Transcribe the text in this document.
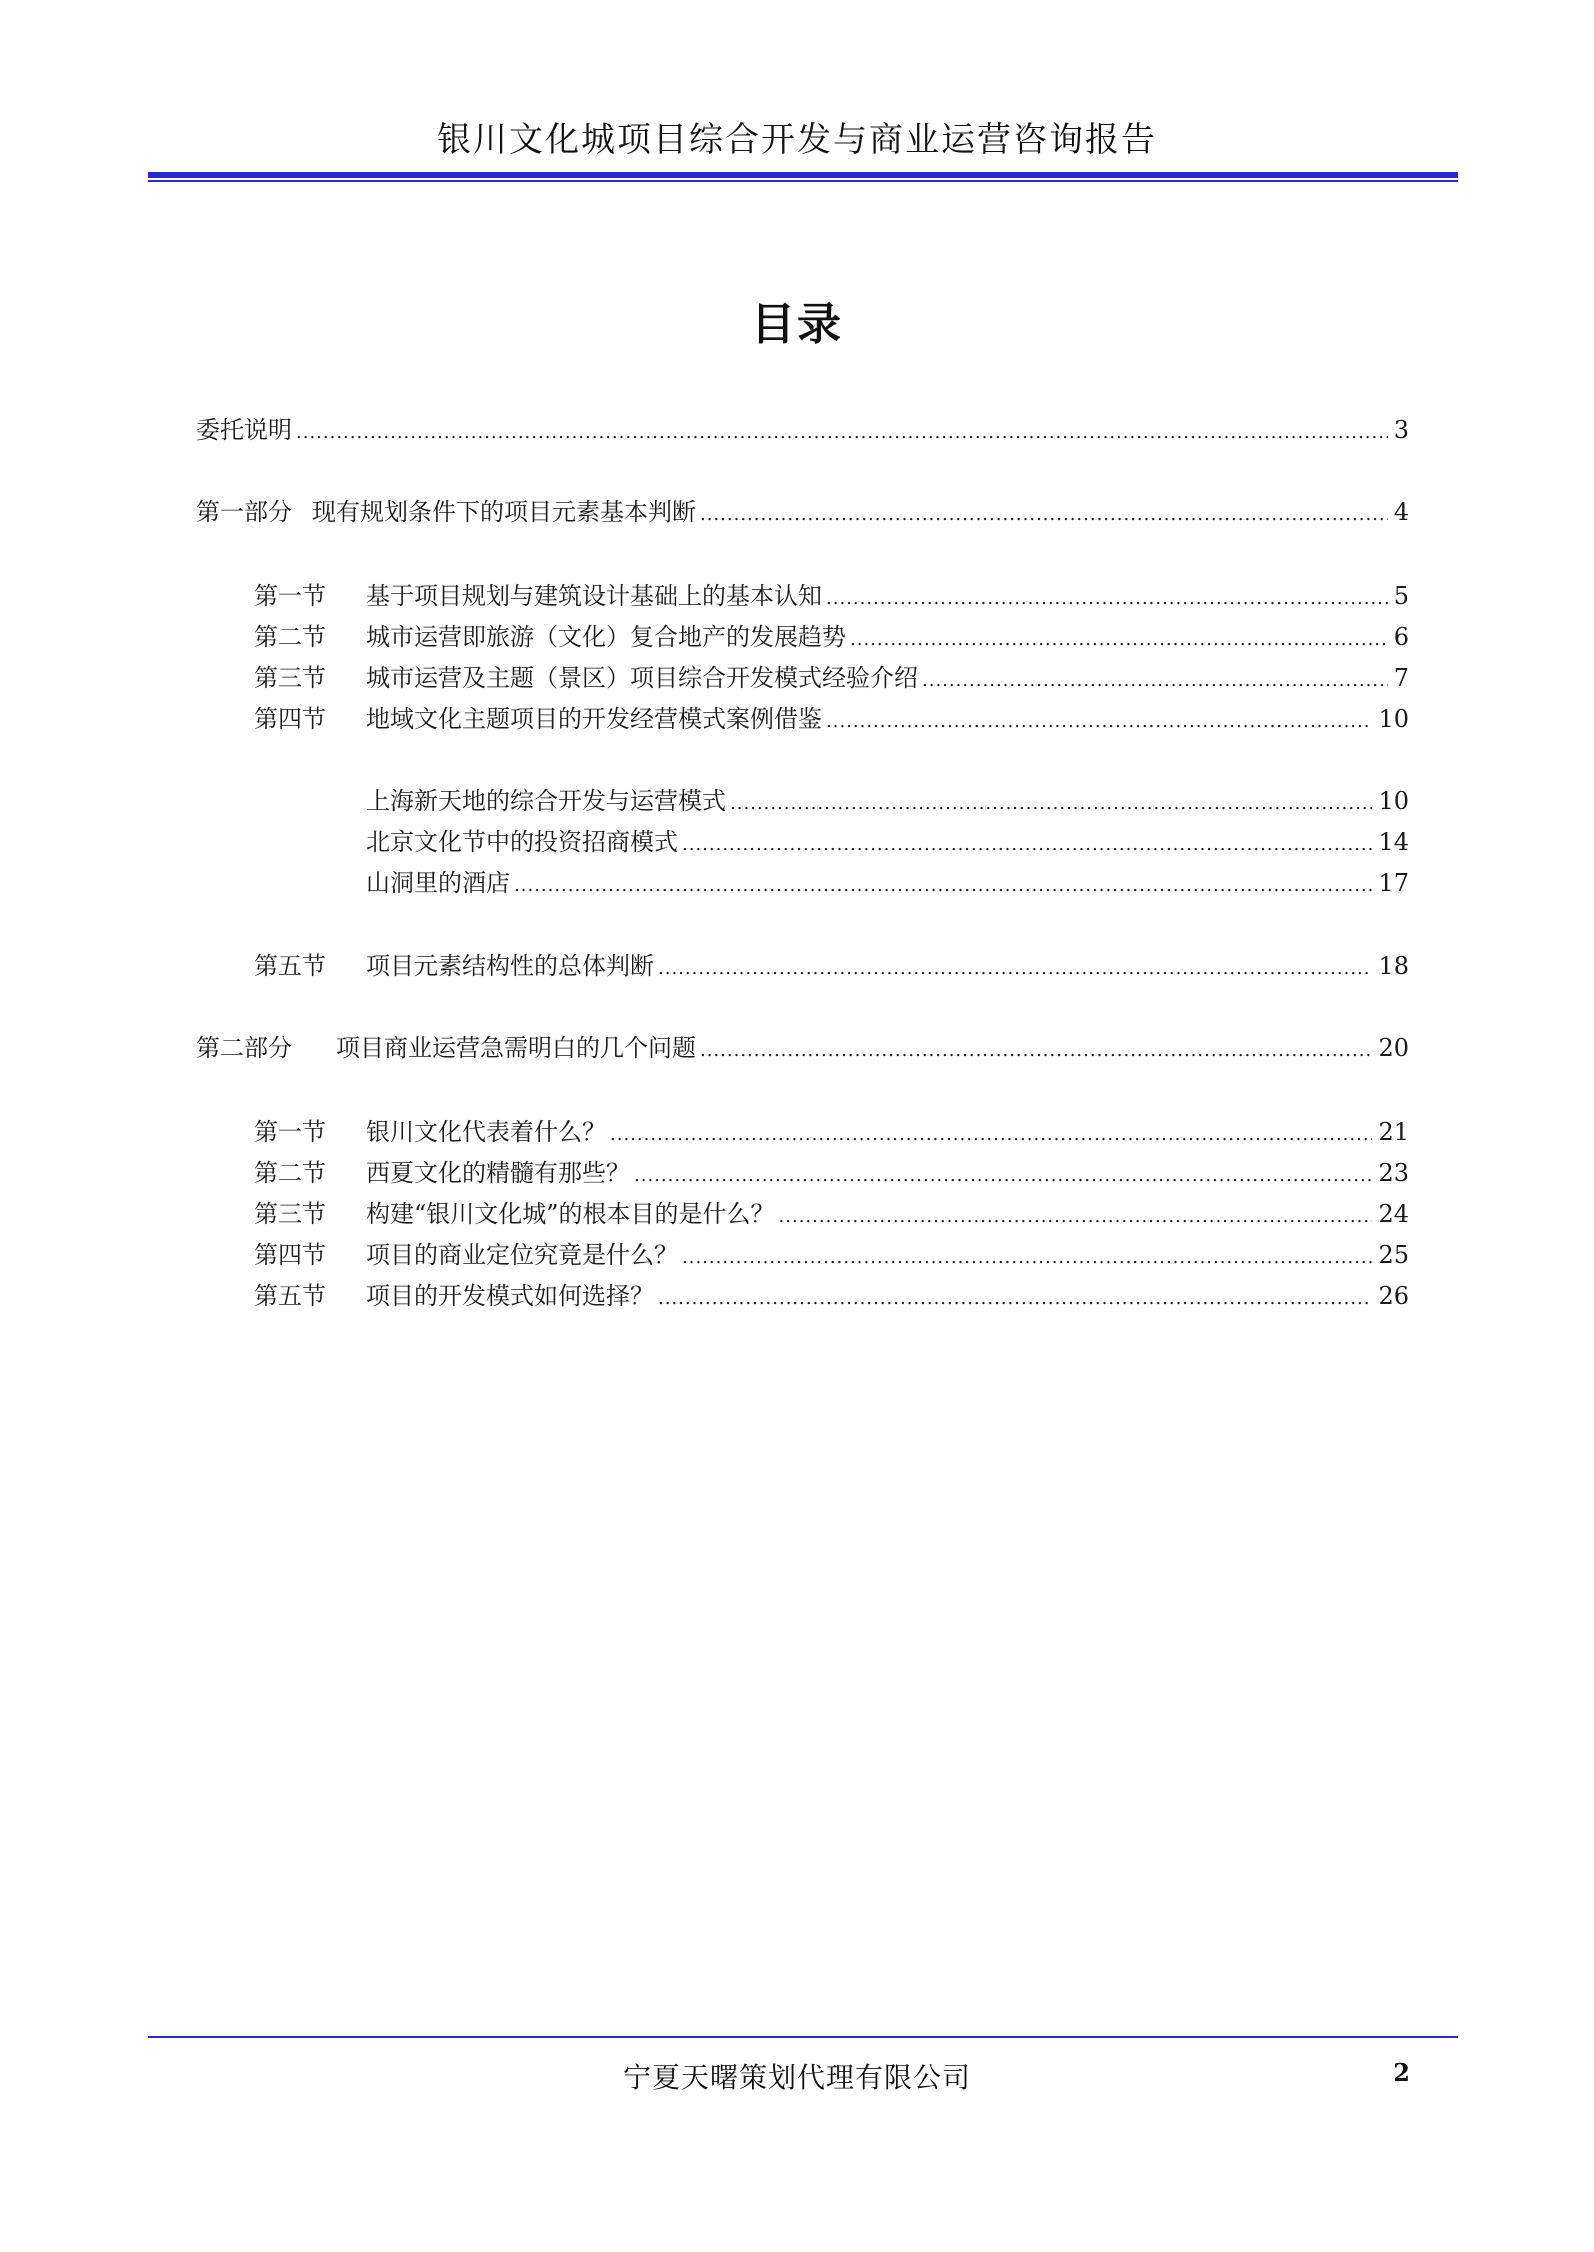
银川文化城项目综合开发与商业运营咨询报告
目录
委托说明 .....	3
第一部分 现有规划条件下的项目元素基本判断 .....	4
第一节	基于项目规划与建筑设计基础上的基本认知 .....	5
第二节	城市运营即旅游（文化）复合地产的发展趋势 .....	6
第三节	城市运营及主题（景区）项目综合开发模式经验介绍 .....	7
第四节	地域文化主题项目的开发经营模式案例借鉴 .....	10
上海新天地的综合开发与运营模式 .....	10
北京文化节中的投资招商模式 .....	14
山洞里的酒店 .....	17
第五节	项目元素结构性的总体判断 .....	18
第二部分	项目商业运营急需明白的几个问题 .....	20
第一节	银川文化代表着什么？ .....	21
第二节	西夏文化的精髓有那些？ .....	23
第三节	构建“银川文化城”的根本目的是什么？ .....	24
第四节	项目的商业定位究竟是什么？ .....	25
第五节	项目的开发模式如何选择？ .....	26
宁夏天曙策划代理有限公司	2
